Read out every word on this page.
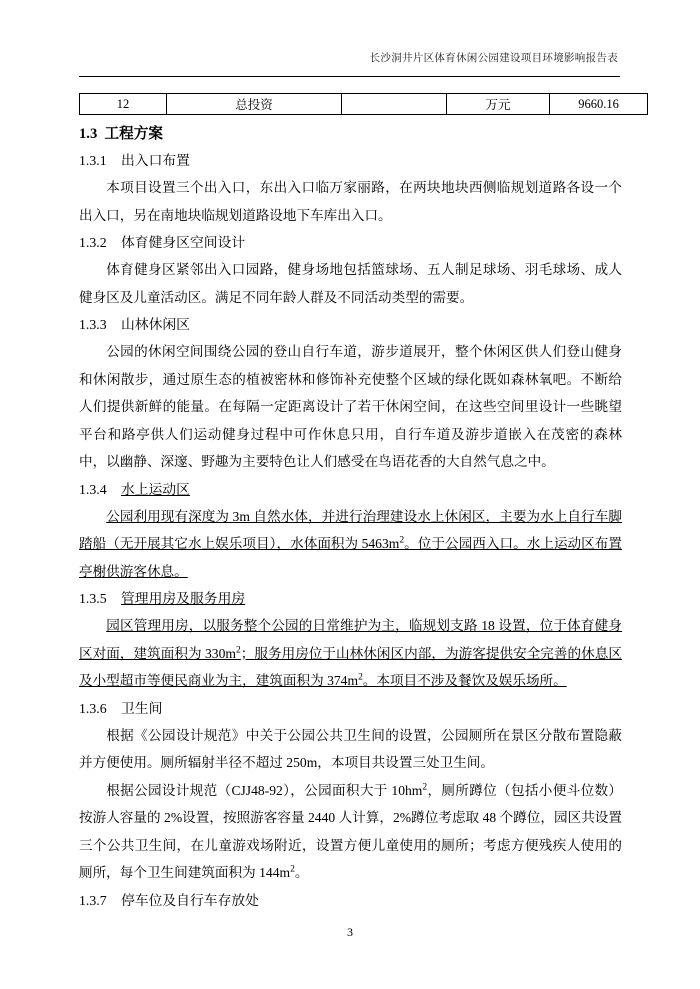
长沙洞井片区体育休闲公园建设项目环境影响报告表
12	总投资		万元	9660.16
1.3 工程方案
1.3.1 出入口布置

本项目设置三个出入口，东出入口临万家丽路，在两块地块西侧临规划道路各设一个出入口，另在南地块临规划道路设地下车库出入口。

1.3.2 体育健身区空间设计

体育健身区紧邻出入口园路，健身场地包括篮球场、五人制足球场、羽毛球场、成人健身区及儿童活动区。满足不同年龄人群及不同活动类型的需要。

1.3.3 山林休闲区

公园的休闲空间围绕公园的登山自行车道，游步道展开，整个休闲区供人们登山健身和休闲散步，通过原生态的植被密林和修饰补充使整个区域的绿化既如森林氧吧。不断给人们提供新鲜的能量。在每隔一定距离设计了若干休闲空间，在这些空间里设计一些眺望平台和路亭供人们运动健身过程中可作休息只用，自行车道及游步道嵌入在茂密的森林中，以幽静、深邃、野趣为主要特色让人们感受在鸟语花香的大自然气息之中。

1.3.4 水上运动区

公园利用现有深度为 3m 自然水体，并进行治理建设水上休闲区，主要为水上自行车脚踏船（无开展其它水上娱乐项目），水体面积为 $5463m^2$。位于公园西入口。水上运动区布置亭榭供游客休息。

1.3.5 管理用房及服务用房

园区管理用房，以服务整个公园的日常维护为主，临规划支路 18 设置，位于体育健身区对面，建筑面积为 $330m^2$；服务用房位于山林休闲区内部，为游客提供安全完善的休息区及小型超市等便民商业为主，建筑面积为 $374m^2$。本项目不涉及餐饮及娱乐场所。

1.3.6 卫生间

根据《公园设计规范》中关于公园公共卫生间的设置，公园厕所在景区分散布置隐蔽并方便使用。厕所辐射半径不超过 250m，本项目共设置三处卫生间。

根据公园设计规范（CJJ48-92），公园面积大于 $10hm^2$，厕所蹲位（包括小便斗位数）按游人容量的 2%设置，按照游客容量 2440 人计算，2%蹲位考虑取 48 个蹲位，园区共设置三个公共卫生间，在儿童游戏场附近，设置方便儿童使用的厕所；考虑方便残疾人使用的厕所，每个卫生间建筑面积为 $144m^2$。

1.3.7 停车位及自行车存放处
3
